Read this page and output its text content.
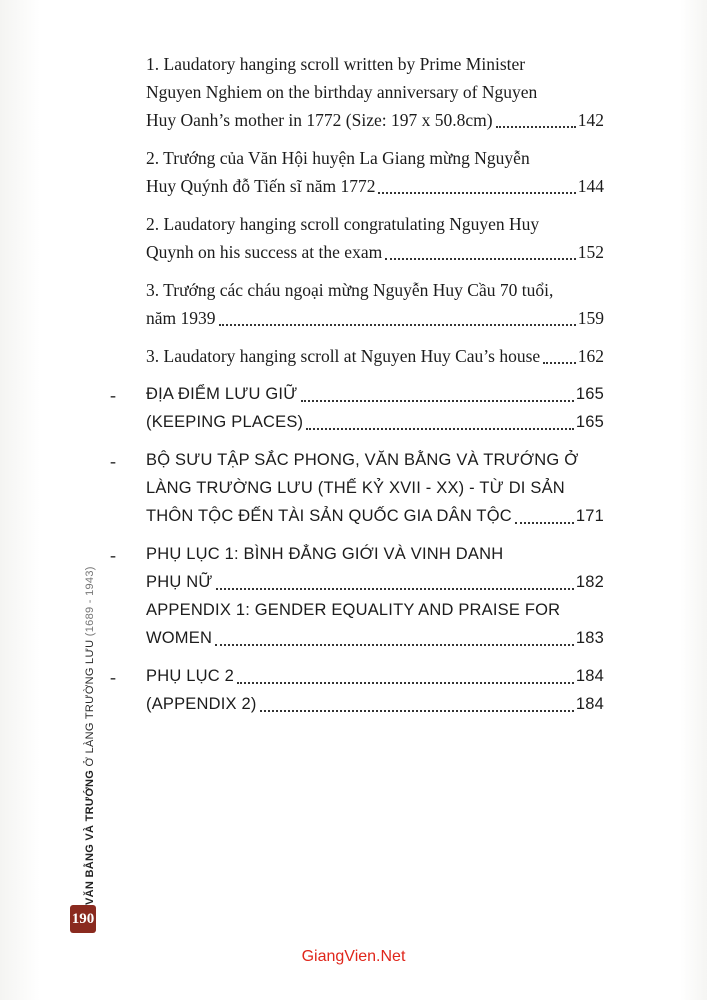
1. Laudatory hanging scroll written by Prime Minister
Nguyen Nghiem on the birthday anniversary of Nguyen
Huy Oanh’s mother in 1772 (Size: 197 x 50.8cm)	142
2. Trướng của Văn Hội huyện La Giang mừng Nguyễn
Huy Quýnh đỗ Tiến sĩ năm 1772	144
2. Laudatory hanging scroll congratulating Nguyen Huy
Quynh on his success at the exam	152
3. Trướng các cháu ngoại mừng Nguyễn Huy Cầu 70 tuổi,
năm 1939	159
3. Laudatory hanging scroll at Nguyen Huy Cau’s house 162
- ĐỊA ĐIỂM LƯU GIỮ	165
(KEEPING PLACES)	165
- BỘ SƯU TẬP SẮC PHONG, VĂN BẰNG VÀ TRƯỚNG Ở
LÀNG TRƯỜNG LƯU (THẾ KỶ XVII - XX) - TỪ DI SẢN
THÔN TỘC ĐẾN TÀI SẢN QUỐC GIA DÂN TỘC	171
- PHỤ LỤC 1: BÌNH ĐẲNG GIỚI VÀ VINH DANH
PHỤ NỮ	182
APPENDIX 1: GENDER EQUALITY AND PRAISE FOR
WOMEN	183
- PHỤ LỤC 2	184
(APPENDIX 2)	184
VĂN BẰNG VÀ TRƯỚNG Ở LÀNG TRƯỜNG LƯU (1689 - 1943)
190
GiangVien.Net
